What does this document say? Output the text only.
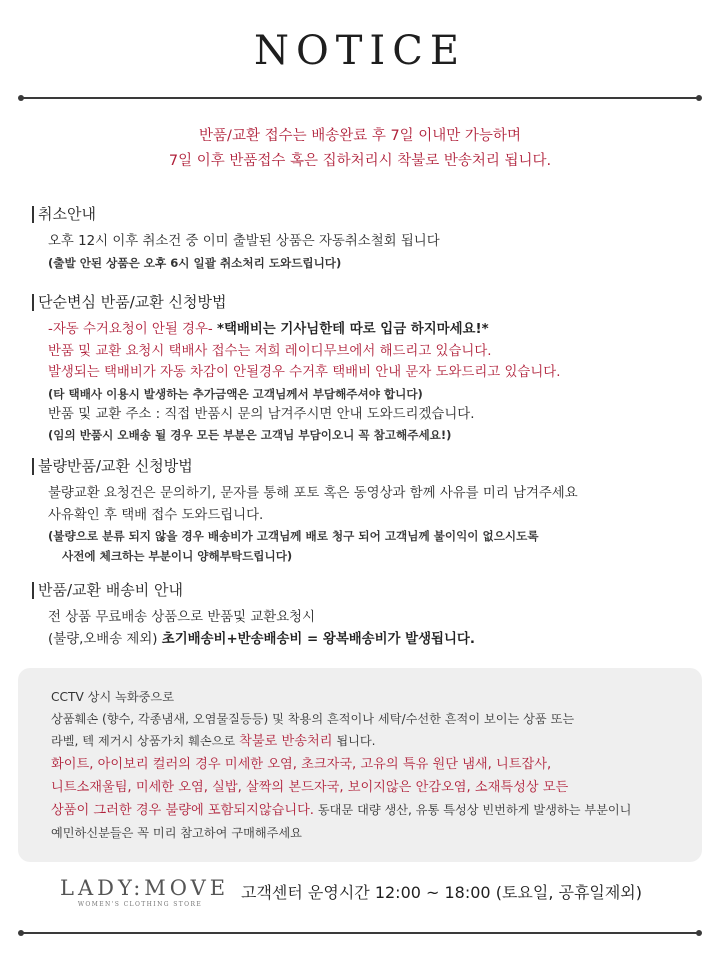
NOTICE
반품/교환 접수는 배송완료 후 7일 이내만 가능하며
7일 이후 반품접수 혹은 집하처리시 착불로 반송처리 됩니다.
취소안내
오후 12시 이후 취소건 중 이미 출발된 상품은 자동취소철회 됩니다
(출발 안된 상품은 오후 6시 일괄 취소처리 도와드립니다)
단순변심 반품/교환 신청방법
-자동 수거요청이 안될 경우- *택배비는 기사님한테 따로 입금 하지마세요!*
반품 및 교환 요청시 택배사 접수는 저희 레이디무브에서 해드리고 있습니다.
발생되는 택배비가 자동 차감이 안될경우 수거후 택배비 안내 문자 도와드리고 있습니다.
(타 택배사 이용시 발생하는 추가금액은 고객님께서 부담해주셔야 합니다)
반품 및 교환 주소 : 직접 반품시 문의 남겨주시면 안내 도와드리겠습니다.
(임의 반품시 오배송 될 경우 모든 부분은 고객님 부담이오니 꼭 참고해주세요!)
불량반품/교환 신청방법
불량교환 요청건은 문의하기, 문자를 통해 포토 혹은 동영상과 함께 사유를 미리 남겨주세요
사유확인 후 택배 접수 도와드립니다.
(불량으로 분류 되지 않을 경우 배송비가 고객님께 배로 청구 되어 고객님께 불이익이 없으시도록
사전에 체크하는 부분이니 양해부탁드립니다)
반품/교환 배송비 안내
전 상품 무료배송 상품으로 반품및 교환요청시
(불량,오배송 제외) 초기배송비+반송배송비 = 왕복배송비가 발생됩니다.
CCTV 상시 녹화중으로
상품훼손 (향수, 각종냄새, 오염물질등등) 및 착용의 흔적이나 세탁/수선한 흔적이 보이는 상품 또는
라벨, 텍 제거시 상품가치 훼손으로 착불로 반송처리 됩니다.
화이트, 아이보리 컬러의 경우 미세한 오염, 초크자국, 고유의 특유 원단 냄새, 니트잡사,
니트소재울팀, 미세한 오염, 실밥, 살짝의 본드자국, 보이지않은 안감오염, 소재특성상 모든
상품이 그러한 경우 불량에 포함되지않습니다. 동대문 대량 생산, 유통 특성상 빈번하게 발생하는 부분이니
예민하신분들은 꼭 미리 참고하여 구매해주세요
LADY:MOVE
WOMEN'S CLOTHING STORE
고객센터 운영시간 12:00 ~ 18:00 (토요일, 공휴일제외)
